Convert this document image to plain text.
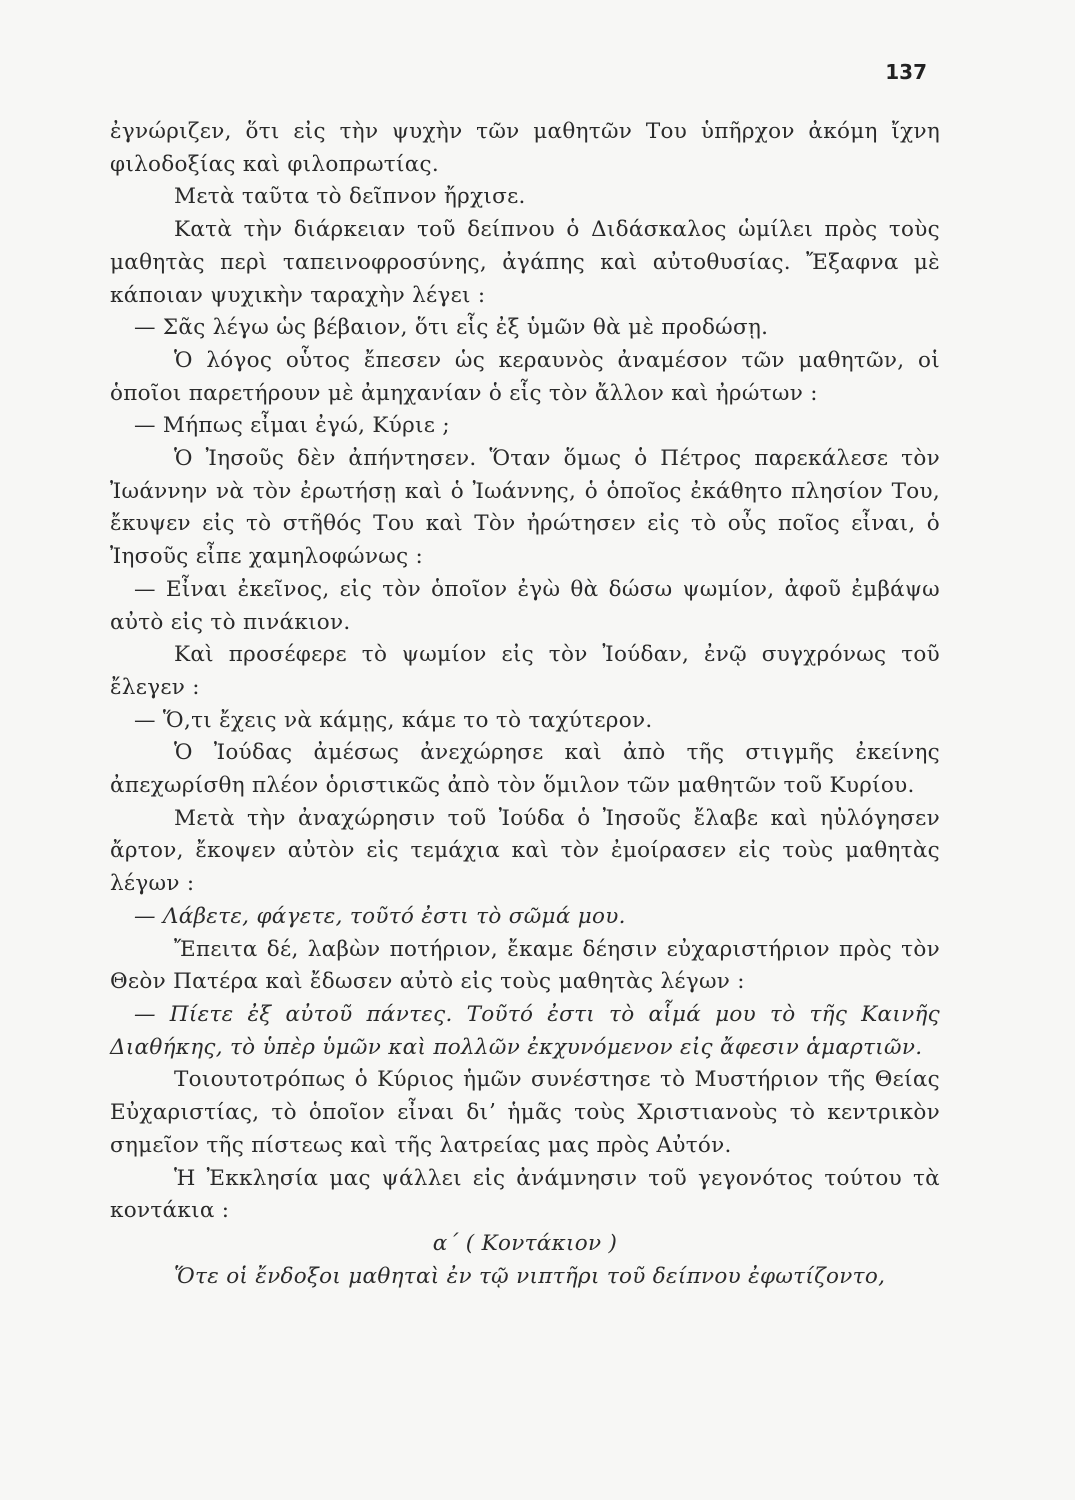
137

ἐγνώριζεν, ὅτι εἰς τὴν ψυχὴν τῶν μαθητῶν Του ὑπῆρχον ἀκόμη ἴχνη φιλοδοξίας καὶ φιλοπρωτίας.

Μετὰ ταῦτα τὸ δεῖπνον ἤρχισε.

Κατὰ τὴν διάρκειαν τοῦ δείπνου ὁ Διδάσκαλος ὡμίλει πρὸς τοὺς μαθητὰς περὶ ταπεινοφροσύνης, ἀγάπης καὶ αὐτοθυσίας. Ἔξαφνα μὲ κάποιαν ψυχικὴν ταραχὴν λέγει :

— Σᾶς λέγω ὡς βέβαιον, ὅτι εἷς ἐξ ὑμῶν θὰ μὲ προδώσῃ.

Ὁ λόγος οὗτος ἔπεσεν ὡς κεραυνὸς ἀναμέσον τῶν μαθητῶν, οἱ ὁποῖοι παρετήρουν μὲ ἀμηχανίαν ὁ εἷς τὸν ἄλλον καὶ ἠρώτων :

— Μήπως εἶμαι ἐγώ, Κύριε ;

Ὁ Ἰησοῦς δὲν ἀπήντησεν. Ὅταν ὅμως ὁ Πέτρος παρεκάλεσε τὸν Ἰωάννην νὰ τὸν ἐρωτήσῃ καὶ ὁ Ἰωάννης, ὁ ὁποῖος ἐκάθητο πλησίον Του, ἔκυψεν εἰς τὸ στῆθός Του καὶ Τὸν ἠρώτησεν εἰς τὸ οὖς ποῖος εἶναι, ὁ Ἰησοῦς εἶπε χαμηλοφώνως :

— Εἶναι ἐκεῖνος, εἰς τὸν ὁποῖον ἐγὼ θὰ δώσω ψωμίον, ἀφοῦ ἐμβάψω αὐτὸ εἰς τὸ πινάκιον.

Καὶ προσέφερε τὸ ψωμίον εἰς τὸν Ἰούδαν, ἐνῷ συγχρόνως τοῦ ἔλεγεν :

— Ὅ,τι ἔχεις νὰ κάμῃς, κάμε το τὸ ταχύτερον.

Ὁ Ἰούδας ἀμέσως ἀνεχώρησε καὶ ἀπὸ τῆς στιγμῆς ἐκείνης ἀπεχωρίσθη πλέον ὁριστικῶς ἀπὸ τὸν ὅμιλον τῶν μαθητῶν τοῦ Κυρίου.

Μετὰ τὴν ἀναχώρησιν τοῦ Ἰούδα ὁ Ἰησοῦς ἔλαβε καὶ ηὐλόγησεν ἄρτον, ἔκοψεν αὐτὸν εἰς τεμάχια καὶ τὸν ἐμοίρασεν εἰς τοὺς μαθητὰς λέγων :

— Λάβετε, φάγετε, τοῦτό ἐστι τὸ σῶμά μου.

Ἔπειτα δέ, λαβὼν ποτήριον, ἔκαμε δέησιν εὐχαριστήριον πρὸς τὸν Θεὸν Πατέρα καὶ ἔδωσεν αὐτὸ εἰς τοὺς μαθητὰς λέγων :

— Πίετε ἐξ αὐτοῦ πάντες. Τοῦτό ἐστι τὸ αἷμά μου τὸ τῆς Καινῆς Διαθήκης, τὸ ὑπὲρ ὑμῶν καὶ πολλῶν ἐκχυνόμενον εἰς ἄφεσιν ἁμαρτιῶν.

Τοιουτοτρόπως ὁ Κύριος ἡμῶν συνέστησε τὸ Μυστήριον τῆς Θείας Εὐχαριστίας, τὸ ὁποῖον εἶναι διʼ ἡμᾶς τοὺς Χριστιανοὺς τὸ κεντρικὸν σημεῖον τῆς πίστεως καὶ τῆς λατρείας μας πρὸς Αὐτόν.

Ἡ Ἐκκλησία μας ψάλλει εἰς ἀνάμνησιν τοῦ γεγονότος τούτου τὰ κοντάκια :

α΄ ( Κοντάκιον )

Ὅτε οἱ ἔνδοξοι μαθηταὶ ἐν τῷ νιπτῆρι τοῦ δείπνου ἐφωτίζοντο,
